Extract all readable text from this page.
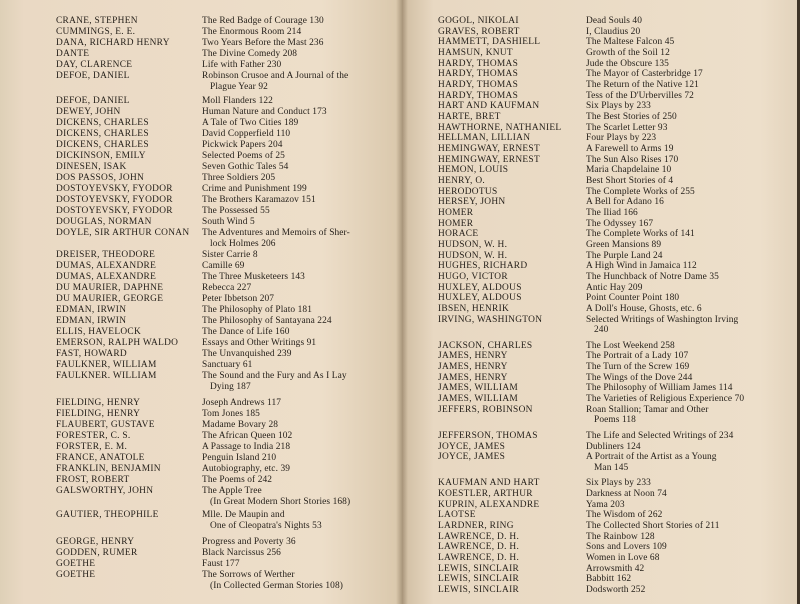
CRANE, STEPHEN	The Red Badge of Courage 130
CUMMINGS, E. E.	The Enormous Room 214
DANA, RICHARD HENRY	Two Years Before the Mast 236
DANTE	The Divine Comedy 208
DAY, CLARENCE	Life with Father 230
DEFOE, DANIEL	Robinson Crusoe and A Journal of the
Plague Year 92
DEFOE, DANIEL	Moll Flanders 122
DEWEY, JOHN	Human Nature and Conduct 173
DICKENS, CHARLES	A Tale of Two Cities 189
DICKENS, CHARLES	David Copperfield 110
DICKENS, CHARLES	Pickwick Papers 204
DICKINSON, EMILY	Selected Poems of 25
DINESEN, ISAK	Seven Gothic Tales 54
DOS PASSOS, JOHN	Three Soldiers 205
DOSTOYEVSKY, FYODOR	Crime and Punishment 199
DOSTOYEVSKY, FYODOR	The Brothers Karamazov 151
DOSTOYEVSKY, FYODOR	The Possessed 55
DOUGLAS, NORMAN	South Wind 5
DOYLE, SIR ARTHUR CONAN The Adventures and Memoirs of Sher-
lock Holmes 206
DREISER, THEODORE	Sister Carrie 8
DUMAS, ALEXANDRE	Camille 69
DUMAS, ALEXANDRE	The Three Musketeers 143
DU MAURIER, DAPHNE	Rebecca 227
DU MAURIER, GEORGE	Peter Ibbetson 207
EDMAN, IRWIN	The Philosophy of Plato 181
EDMAN, IRWIN	The Philosophy of Santayana 224
ELLIS, HAVELOCK	The Dance of Life 160
EMERSON, RALPH WALDO	Essays and Other Writings 91
FAST, HOWARD	The Unvanquished 239
FAULKNER, WILLIAM	Sanctuary 61
FAULKNER. WILLIAM	The Sound and the Fury and As I Lay
Dying 187
FIELDING, HENRY	Joseph Andrews 117
FIELDING, HENRY	Tom Jones 185
FLAUBERT, GUSTAVE	Madame Bovary 28
FORESTER, C. S.	The African Queen 102
FORSTER, E. M.	A Passage to India 218
FRANCE, ANATOLE	Penguin Island 210
FRANKLIN, BENJAMIN	Autobiography, etc. 39
FROST, ROBERT	The Poems of 242
GALSWORTHY, JOHN	The Apple Tree
(In Great Modern Short Stories 168)
GAUTIER, THEOPHILE	Mlle. De Maupin and
One of Cleopatra's Nights 53
GEORGE, HENRY	Progress and Poverty 36
GODDEN, RUMER	Black Narcissus 256
GOETHE	Faust 177
GOETHE	The Sorrows of Werther
(In Collected German Stories 108)
GOGOL, NIKOLAI	Dead Souls 40
GRAVES, ROBERT	I, Claudius 20
HAMMETT, DASHIELL	The Maltese Falcon 45
HAMSUN, KNUT	Growth of the Soil 12
HARDY, THOMAS	Jude the Obscure 135
HARDY, THOMAS	The Mayor of Casterbridge 17
HARDY, THOMAS	The Return of the Native 121
HARDY, THOMAS	Tess of the D'Urbervilles 72
HART AND KAUFMAN	Six Plays by 233
HARTE, BRET	The Best Stories of 250
HAWTHORNE, NATHANIEL	The Scarlet Letter 93
HELLMAN, LILLIAN	Four Plays by 223
HEMINGWAY, ERNEST	A Farewell to Arms 19
HEMINGWAY, ERNEST	The Sun Also Rises 170
HEMON, LOUIS	Maria Chapdelaine 10
HENRY, O.	Best Short Stories of 4
HERODOTUS	The Complete Works of 255
HERSEY, JOHN	A Bell for Adano 16
HOMER	The Iliad 166
HOMER	The Odyssey 167
HORACE	The Complete Works of 141
HUDSON, W. H.	Green Mansions 89
HUDSON, W. H.	The Purple Land 24
HUGHES, RICHARD	A High Wind in Jamaica 112
HUGO, VICTOR	The Hunchback of Notre Dame 35
HUXLEY, ALDOUS	Antic Hay 209
HUXLEY, ALDOUS	Point Counter Point 180
IBSEN, HENRIK	A Doll's House, Ghosts, etc. 6
IRVING, WASHINGTON	Selected Writings of Washington Irving
240
JACKSON, CHARLES	The Lost Weekend 258
JAMES, HENRY	The Portrait of a Lady 107
JAMES, HENRY	The Turn of the Screw 169
JAMES, HENRY	The Wings of the Dove 244
JAMES, WILLIAM	The Philosophy of William James 114
JAMES, WILLIAM	The Varieties of Religious Experience 70
JEFFERS, ROBINSON	Roan Stallion; Tamar and Other
Poems 118
JEFFERSON, THOMAS	The Life and Selected Writings of 234
JOYCE, JAMES	Dubliners 124
JOYCE, JAMES	A Portrait of the Artist as a Young
Man 145
KAUFMAN AND HART	Six Plays by 233
KOESTLER, ARTHUR	Darkness at Noon 74
KUPRIN, ALEXANDRE	Yama 203
LAOTSE	The Wisdom of 262
LARDNER, RING	The Collected Short Stories of 211
LAWRENCE, D. H.	The Rainbow 128
LAWRENCE, D. H.	Sons and Lovers 109
LAWRENCE, D. H.	Women in Love 68
LEWIS, SINCLAIR	Arrowsmith 42
LEWIS, SINCLAIR	Babbitt 162
LEWIS, SINCLAIR	Dodsworth 252
